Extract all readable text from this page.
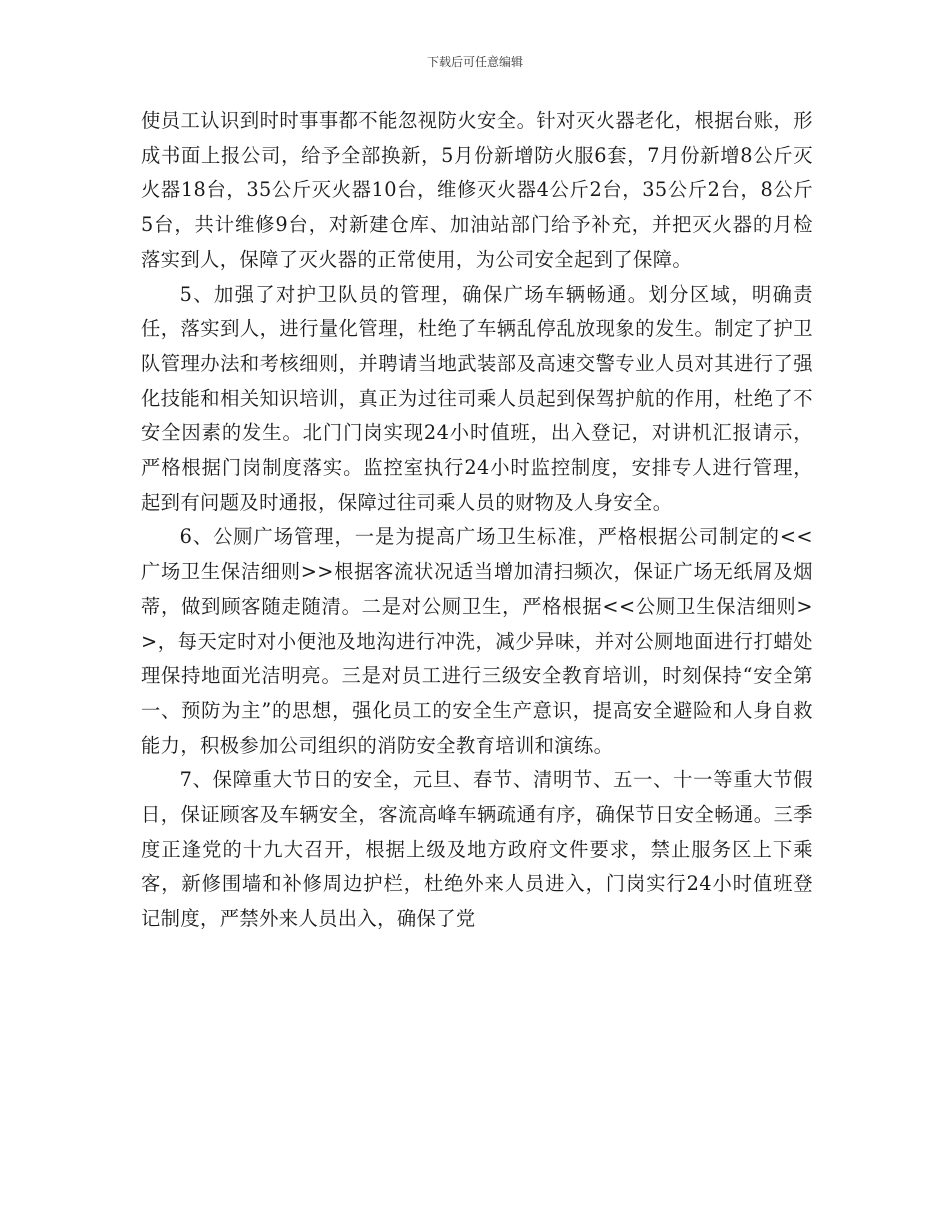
下载后可任意编辑

使员工认识到时时事事都不能忽视防火安全。针对灭火器老化，根据台账，形成书面上报公司，给予全部换新，5月份新增防火服6套，7月份新增8公斤灭火器18台，35公斤灭火器10台，维修灭火器4公斤2台，35公斤2台，8公斤5台，共计维修9台，对新建仓库、加油站部门给予补充，并把灭火器的月检落实到人，保障了灭火器的正常使用，为公司安全起到了保障。

5、加强了对护卫队员的管理，确保广场车辆畅通。划分区域，明确责任，落实到人，进行量化管理，杜绝了车辆乱停乱放现象的发生。制定了护卫队管理办法和考核细则，并聘请当地武装部及高速交警专业人员对其进行了强化技能和相关知识培训，真正为过往司乘人员起到保驾护航的作用，杜绝了不安全因素的发生。北门门岗实现24小时值班，出入登记，对讲机汇报请示，严格根据门岗制度落实。监控室执行24小时监控制度，安排专人进行管理，起到有问题及时通报，保障过往司乘人员的财物及人身安全。

6、公厕广场管理，一是为提高广场卫生标准，严格根据公司制定的<<广场卫生保洁细则>>根据客流状况适当增加清扫频次，保证广场无纸屑及烟蒂，做到顾客随走随清。二是对公厕卫生，严格根据<<公厕卫生保洁细则>>，每天定时对小便池及地沟进行冲洗，减少异味，并对公厕地面进行打蜡处理保持地面光洁明亮。三是对员工进行三级安全教育培训，时刻保持“安全第一、预防为主”的思想，强化员工的安全生产意识，提高安全避险和人身自救能力，积极参加公司组织的消防安全教育培训和演练。

7、保障重大节日的安全，元旦、春节、清明节、五一、十一等重大节假日，保证顾客及车辆安全，客流高峰车辆疏通有序，确保节日安全畅通。三季度正逢党的十九大召开，根据上级及地方政府文件要求，禁止服务区上下乘客，新修围墙和补修周边护栏，杜绝外来人员进入，门岗实行24小时值班登记制度，严禁外来人员出入，确保了党
